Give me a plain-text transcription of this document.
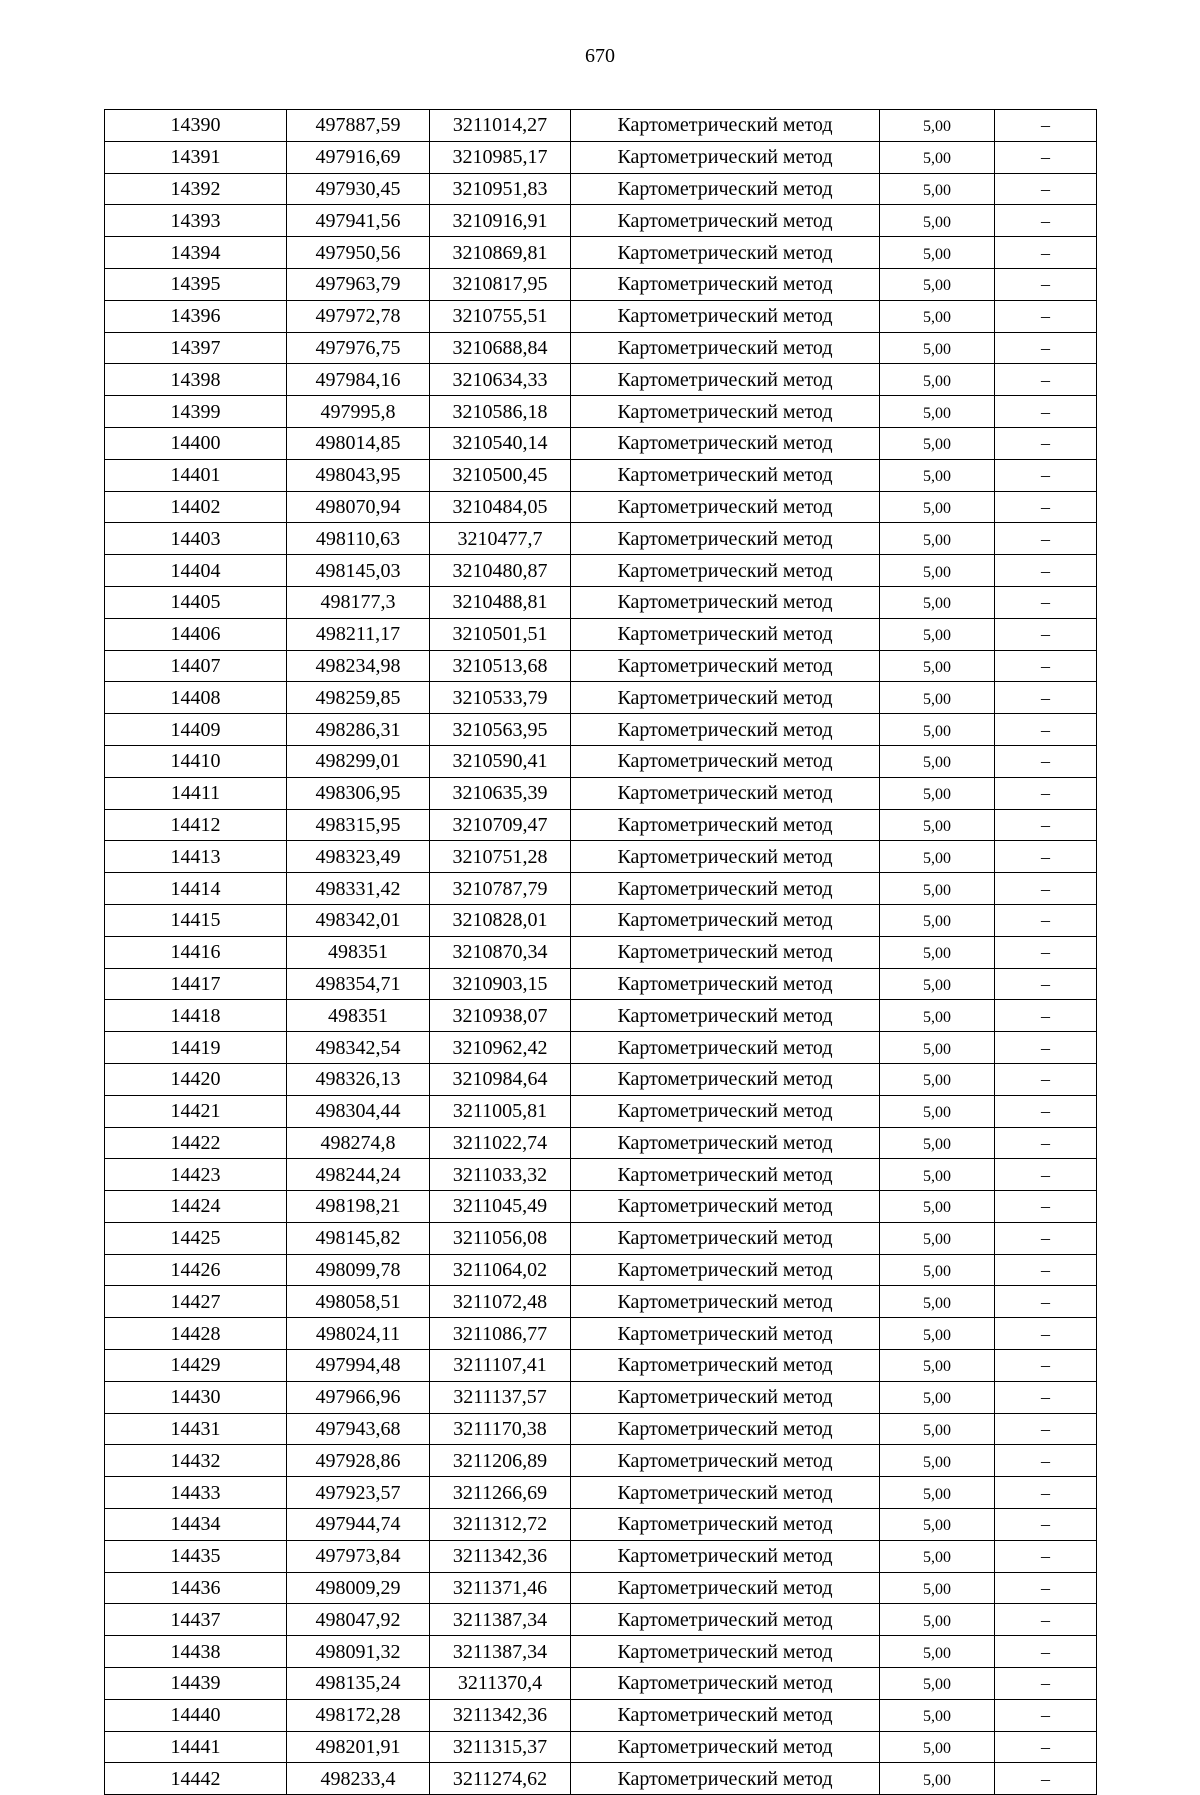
670
14390	497887,59	3211014,27	Картометрический метод	5,00	–
14391	497916,69	3210985,17	Картометрический метод	5,00	–
14392	497930,45	3210951,83	Картометрический метод	5,00	–
14393	497941,56	3210916,91	Картометрический метод	5,00	–
14394	497950,56	3210869,81	Картометрический метод	5,00	–
14395	497963,79	3210817,95	Картометрический метод	5,00	–
14396	497972,78	3210755,51	Картометрический метод	5,00	–
14397	497976,75	3210688,84	Картометрический метод	5,00	–
14398	497984,16	3210634,33	Картометрический метод	5,00	–
14399	497995,8	3210586,18	Картометрический метод	5,00	–
14400	498014,85	3210540,14	Картометрический метод	5,00	–
14401	498043,95	3210500,45	Картометрический метод	5,00	–
14402	498070,94	3210484,05	Картометрический метод	5,00	–
14403	498110,63	3210477,7	Картометрический метод	5,00	–
14404	498145,03	3210480,87	Картометрический метод	5,00	–
14405	498177,3	3210488,81	Картометрический метод	5,00	–
14406	498211,17	3210501,51	Картометрический метод	5,00	–
14407	498234,98	3210513,68	Картометрический метод	5,00	–
14408	498259,85	3210533,79	Картометрический метод	5,00	–
14409	498286,31	3210563,95	Картометрический метод	5,00	–
14410	498299,01	3210590,41	Картометрический метод	5,00	–
14411	498306,95	3210635,39	Картометрический метод	5,00	–
14412	498315,95	3210709,47	Картометрический метод	5,00	–
14413	498323,49	3210751,28	Картометрический метод	5,00	–
14414	498331,42	3210787,79	Картометрический метод	5,00	–
14415	498342,01	3210828,01	Картометрический метод	5,00	–
14416	498351	3210870,34	Картометрический метод	5,00	–
14417	498354,71	3210903,15	Картометрический метод	5,00	–
14418	498351	3210938,07	Картометрический метод	5,00	–
14419	498342,54	3210962,42	Картометрический метод	5,00	–
14420	498326,13	3210984,64	Картометрический метод	5,00	–
14421	498304,44	3211005,81	Картометрический метод	5,00	–
14422	498274,8	3211022,74	Картометрический метод	5,00	–
14423	498244,24	3211033,32	Картометрический метод	5,00	–
14424	498198,21	3211045,49	Картометрический метод	5,00	–
14425	498145,82	3211056,08	Картометрический метод	5,00	–
14426	498099,78	3211064,02	Картометрический метод	5,00	–
14427	498058,51	3211072,48	Картометрический метод	5,00	–
14428	498024,11	3211086,77	Картометрический метод	5,00	–
14429	497994,48	3211107,41	Картометрический метод	5,00	–
14430	497966,96	3211137,57	Картометрический метод	5,00	–
14431	497943,68	3211170,38	Картометрический метод	5,00	–
14432	497928,86	3211206,89	Картометрический метод	5,00	–
14433	497923,57	3211266,69	Картометрический метод	5,00	–
14434	497944,74	3211312,72	Картометрический метод	5,00	–
14435	497973,84	3211342,36	Картометрический метод	5,00	–
14436	498009,29	3211371,46	Картометрический метод	5,00	–
14437	498047,92	3211387,34	Картометрический метод	5,00	–
14438	498091,32	3211387,34	Картометрический метод	5,00	–
14439	498135,24	3211370,4	Картометрический метод	5,00	–
14440	498172,28	3211342,36	Картометрический метод	5,00	–
14441	498201,91	3211315,37	Картометрический метод	5,00	–
14442	498233,4	3211274,62	Картометрический метод	5,00	–
